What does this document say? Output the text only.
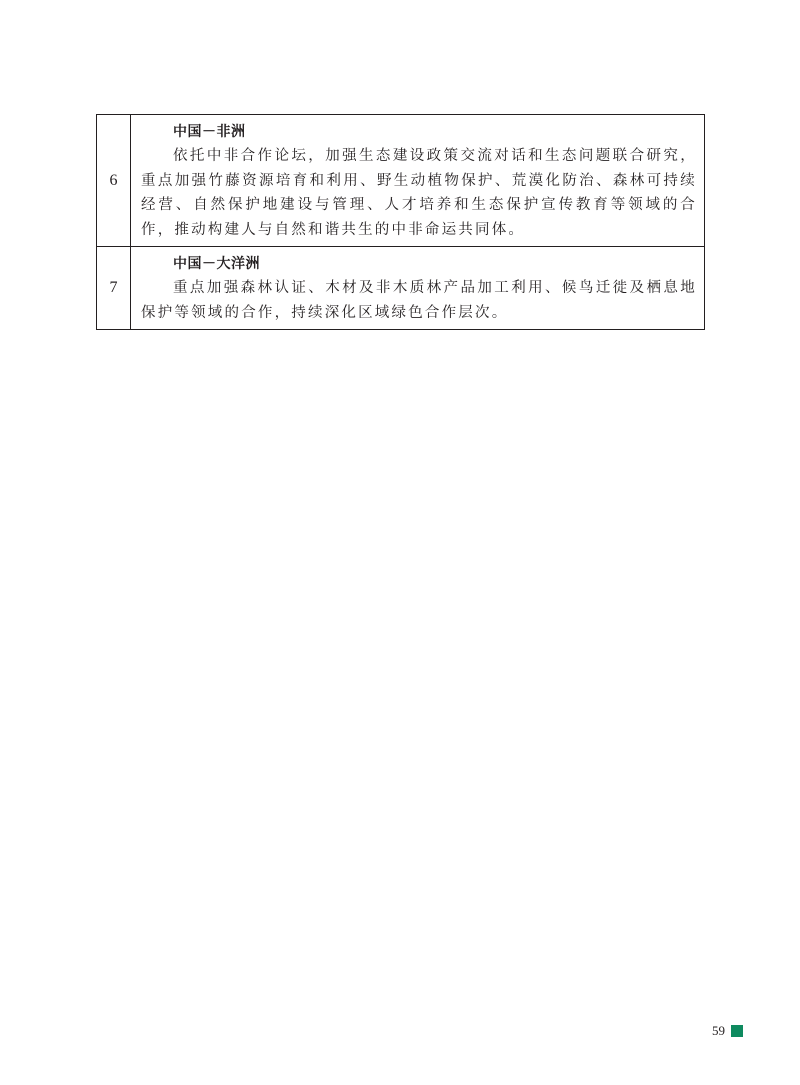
6	中国－非洲

依托中非合作论坛，加强生态建设政策交流对话和生态问题联合研究，重点加强竹藤资源培育和利用、野生动植物保护、荒漠化防治、森林可持续经营、自然保护地建设与管理、人才培养和生态保护宣传教育等领域的合作，推动构建人与自然和谐共生的中非命运共同体。

7	中国－大洋洲

重点加强森林认证、木材及非木质林产品加工利用、候鸟迁徙及栖息地保护等领域的合作，持续深化区域绿色合作层次。

59
